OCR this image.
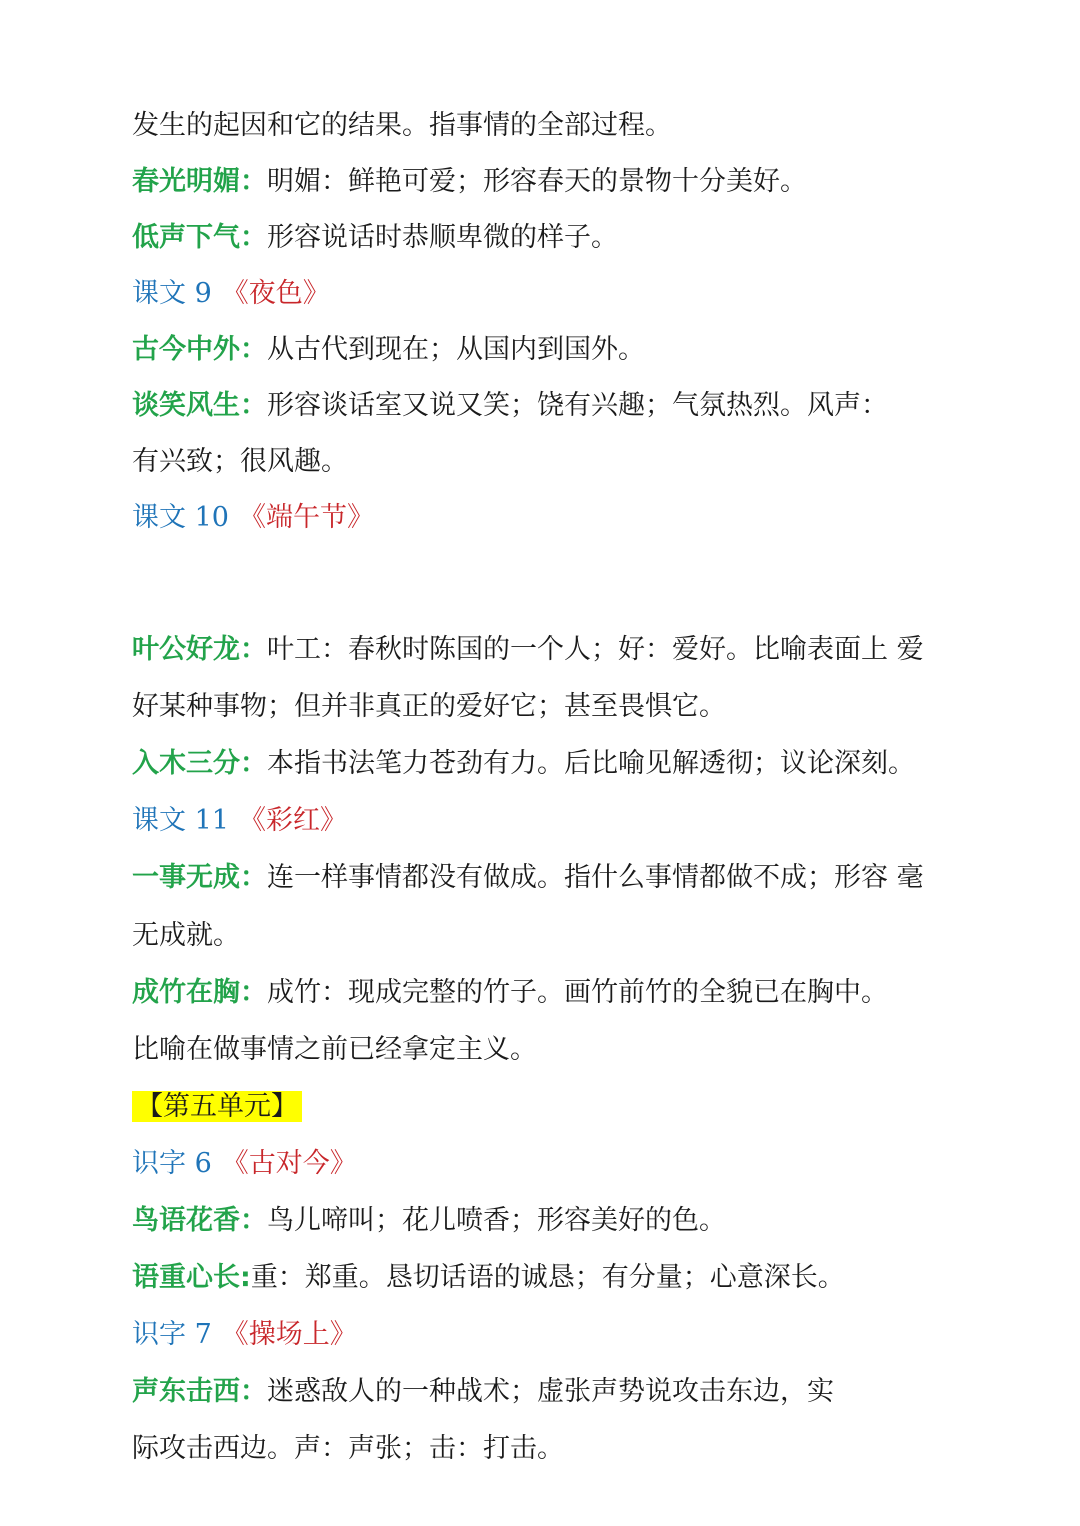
发生的起因和它的结果。指事情的全部过程。
春光明媚：明媚：鲜艳可爱；形容春天的景物十分美好。
低声下气：形容说话时恭顺卑微的样子。
课文 9 《夜色》
古今中外：从古代到现在；从国内到国外。
谈笑风生：形容谈话室又说又笑；饶有兴趣；气氛热烈。风声：
有兴致；很风趣。
课文 10 《端午节》
叶公好龙：叶工：春秋时陈国的一个人；好：爱好。比喻表面上 爱
好某种事物；但并非真正的爱好它；甚至畏惧它。
入木三分：本指书法笔力苍劲有力。后比喻见解透彻；议论深刻。
课文 11 《彩红》
一事无成：连一样事情都没有做成。指什么事情都做不成；形容 毫
无成就。
成竹在胸：成竹：现成完整的竹子。画竹前竹的全貌已在胸中。
比喻在做事情之前已经拿定主义。
【第五单元】
识字 6 《古对今》
鸟语花香：鸟儿啼叫；花儿喷香；形容美好的色。
语重心长:重：郑重。恳切话语的诚恳；有分量；心意深长。
识字 7 《操场上》
声东击西：迷惑敌人的一种战术；虚张声势说攻击东边，实
际攻击西边。声：声张；击：打击。
